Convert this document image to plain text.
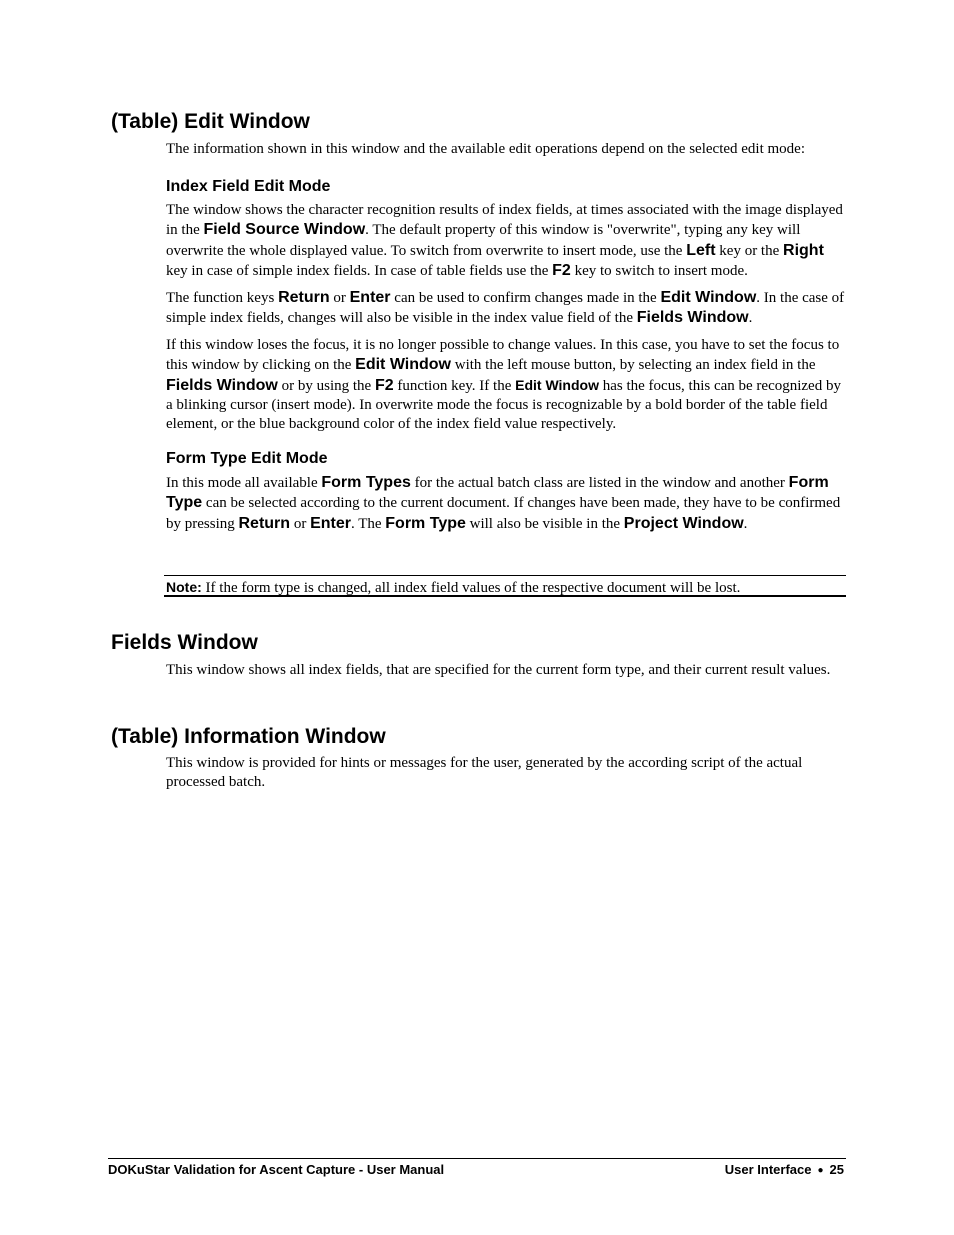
(Table) Edit Window

The information shown in this window and the available edit operations depend on the selected edit mode:

Index Field Edit Mode

The window shows the character recognition results of index fields, at times associated with the image displayed in the Field Source Window. The default property of this window is "overwrite", typing any key will overwrite the whole displayed value. To switch from overwrite to insert mode, use the Left key or the Right key in case of simple index fields. In case of table fields use the F2 key to switch to insert mode.

The function keys Return or Enter can be used to confirm changes made in the Edit Window. In the case of simple index fields, changes will also be visible in the index value field of the Fields Window.

If this window loses the focus, it is no longer possible to change values. In this case, you have to set the focus to this window by clicking on the Edit Window with the left mouse button, by selecting an index field in the Fields Window or by using the F2 function key. If the Edit Window has the focus, this can be recognized by a blinking cursor (insert mode). In overwrite mode the focus is recognizable by a bold border of the table field element, or the blue background color of the index field value respectively.

Form Type Edit Mode

In this mode all available Form Types for the actual batch class are listed in the window and another Form Type can be selected according to the current document. If changes have been made, they have to be confirmed by pressing Return or Enter. The Form Type will also be visible in the Project Window.

Note: If the form type is changed, all index field values of the respective document will be lost.
Fields Window

This window shows all index fields, that are specified for the current form type, and their current result values.

(Table) Information Window

This window is provided for hints or messages for the user, generated by the according script of the actual processed batch.

DOKuStar Validation for Ascent Capture - User Manual	User Interface ● 25
